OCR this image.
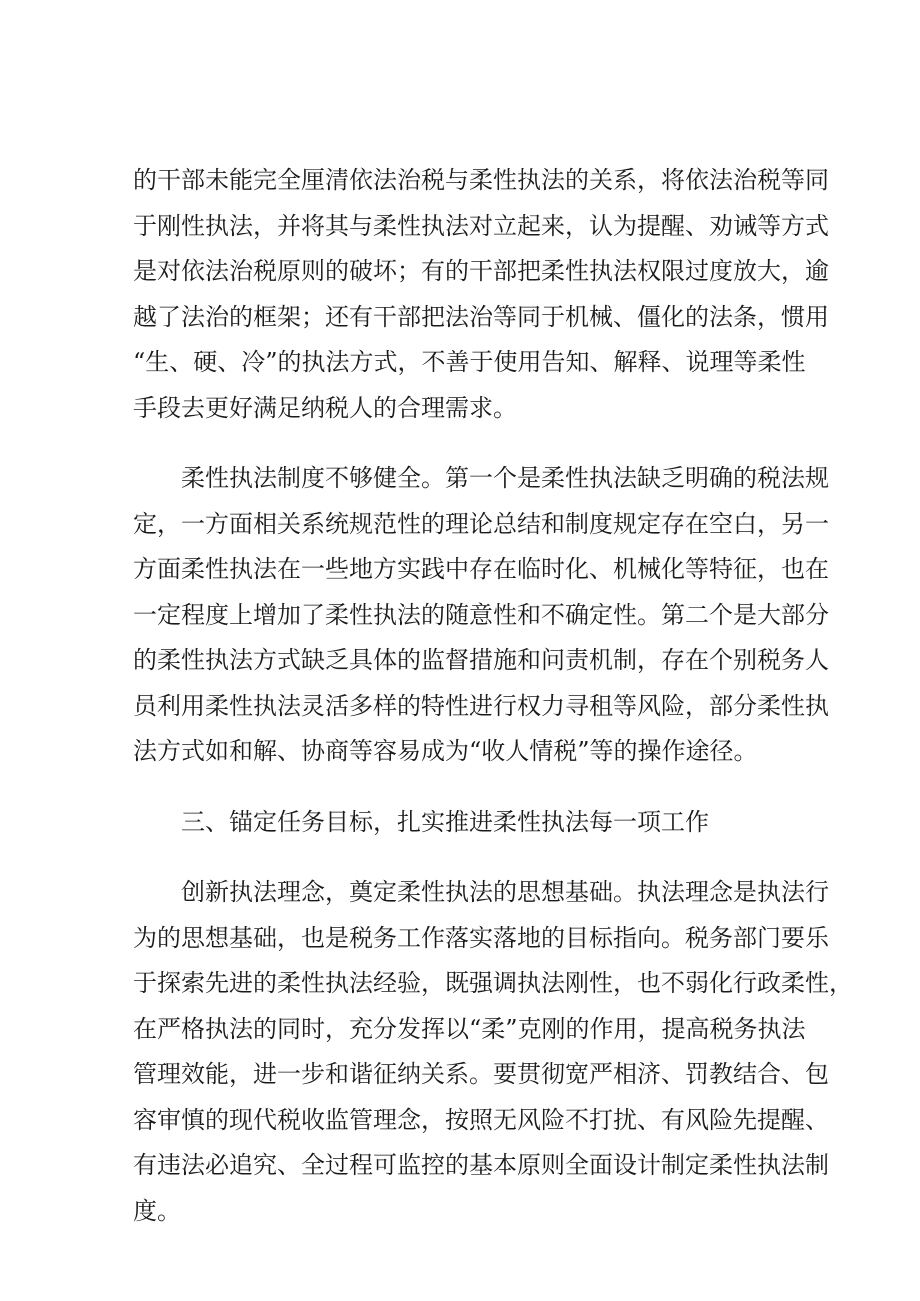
的干部未能完全厘清依法治税与柔性执法的关系，将依法治税等同
于刚性执法，并将其与柔性执法对立起来，认为提醒、劝诫等方式
是对依法治税原则的破坏；有的干部把柔性执法权限过度放大，逾
越了法治的框架；还有干部把法治等同于机械、僵化的法条，惯用
“生、硬、冷”的执法方式，不善于使用告知、解释、说理等柔性
手段去更好满足纳税人的合理需求。
柔性执法制度不够健全。第一个是柔性执法缺乏明确的税法规
定，一方面相关系统规范性的理论总结和制度规定存在空白，另一
方面柔性执法在一些地方实践中存在临时化、机械化等特征，也在
一定程度上增加了柔性执法的随意性和不确定性。第二个是大部分
的柔性执法方式缺乏具体的监督措施和问责机制，存在个别税务人
员利用柔性执法灵活多样的特性进行权力寻租等风险，部分柔性执
法方式如和解、协商等容易成为“收人情税”等的操作途径。
三、锚定任务目标，扎实推进柔性执法每一项工作
创新执法理念，奠定柔性执法的思想基础。执法理念是执法行
为的思想基础，也是税务工作落实落地的目标指向。税务部门要乐
于探索先进的柔性执法经验，既强调执法刚性，也不弱化行政柔性，
在严格执法的同时，充分发挥以“柔”克刚的作用，提高税务执法
管理效能，进一步和谐征纳关系。要贯彻宽严相济、罚教结合、包
容审慎的现代税收监管理念，按照无风险不打扰、有风险先提醒、
有违法必追究、全过程可监控的基本原则全面设计制定柔性执法制
度。
